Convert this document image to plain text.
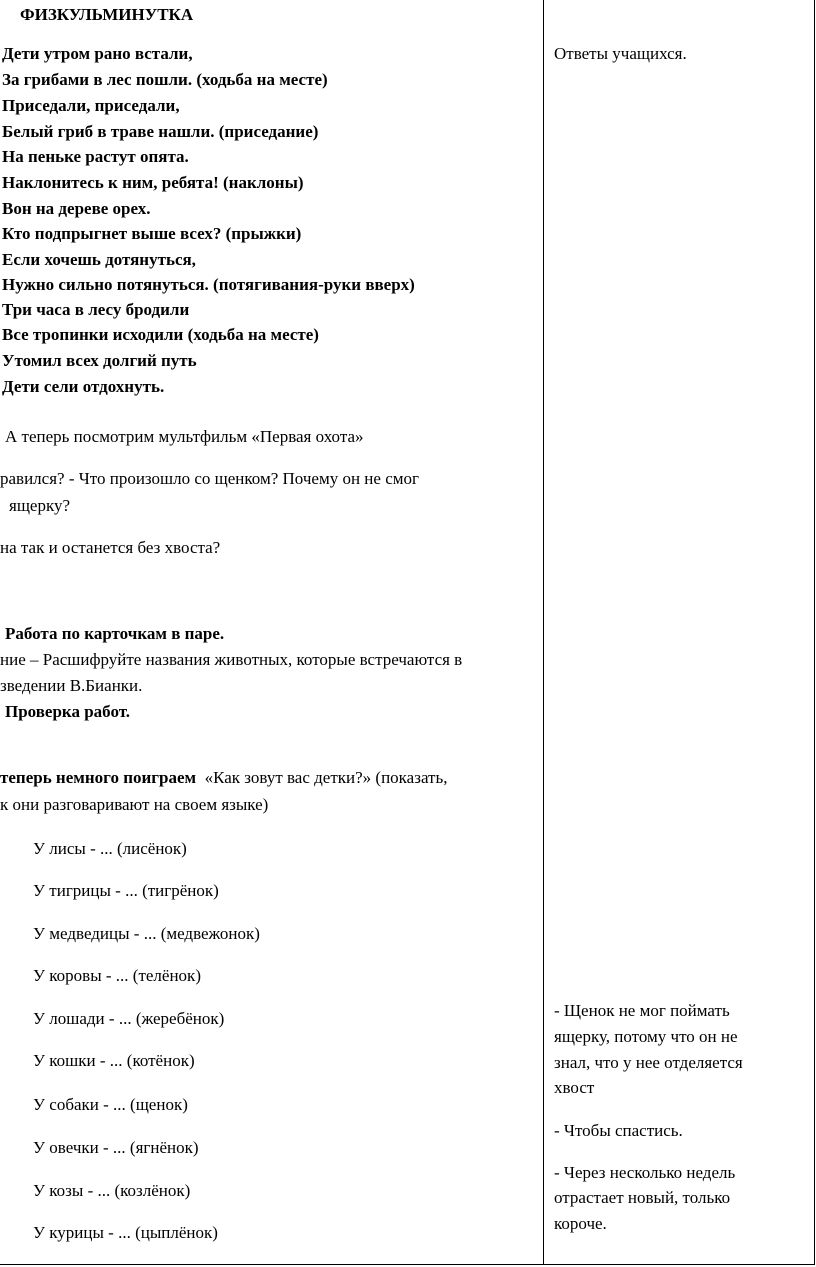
ФИЗКУЛЬМИНУТКА
Дети утром рано встали,
За грибами в лес пошли. (ходьба на месте)
Приседали, приседали,
Белый гриб в траве нашли. (приседание)
На пеньке растут опята.
Наклонитесь к ним, ребята! (наклоны)
Вон на дереве орех.
Кто подпрыгнет выше всех? (прыжки)
Если хочешь дотянуться,
Нужно сильно потянуться. (потягивания-руки вверх)
Три часа в лесу бродили
Все тропинки исходили (ходьба на месте)
Утомил всех долгий путь
Дети сели отдохнуть.
А теперь посмотрим мультфильм «Первая охота»
равился? - Что произошло со щенком? Почему он не смог
ящерку?
на так и останется без хвоста?
Работа по карточкам в паре.
ние – Расшифруйте названия животных, которые встречаются в
зведении В.Бианки.
Проверка работ.
теперь немного поиграем «Как зовут вас детки?» (показать,
к они разговаривают на своем языке)
У лисы - ... (лисёнок)
У тигрицы - ... (тигрёнок)
У медведицы - ... (медвежонок)
У коровы - ... (телёнок)
У лошади - ... (жеребёнок)
У кошки - ... (котёнок)
У собаки - ... (щенок)
У овечки - ... (ягнёнок)
У козы - ... (козлёнок)
У курицы - ... (цыплёнок)
Ответы учащихся.
- Щенок не мог поймать
ящерку, потому что он не
знал, что у нее отделяется
хвост
- Чтобы спастись.
- Через несколько недель
отрастает новый, только
короче.
